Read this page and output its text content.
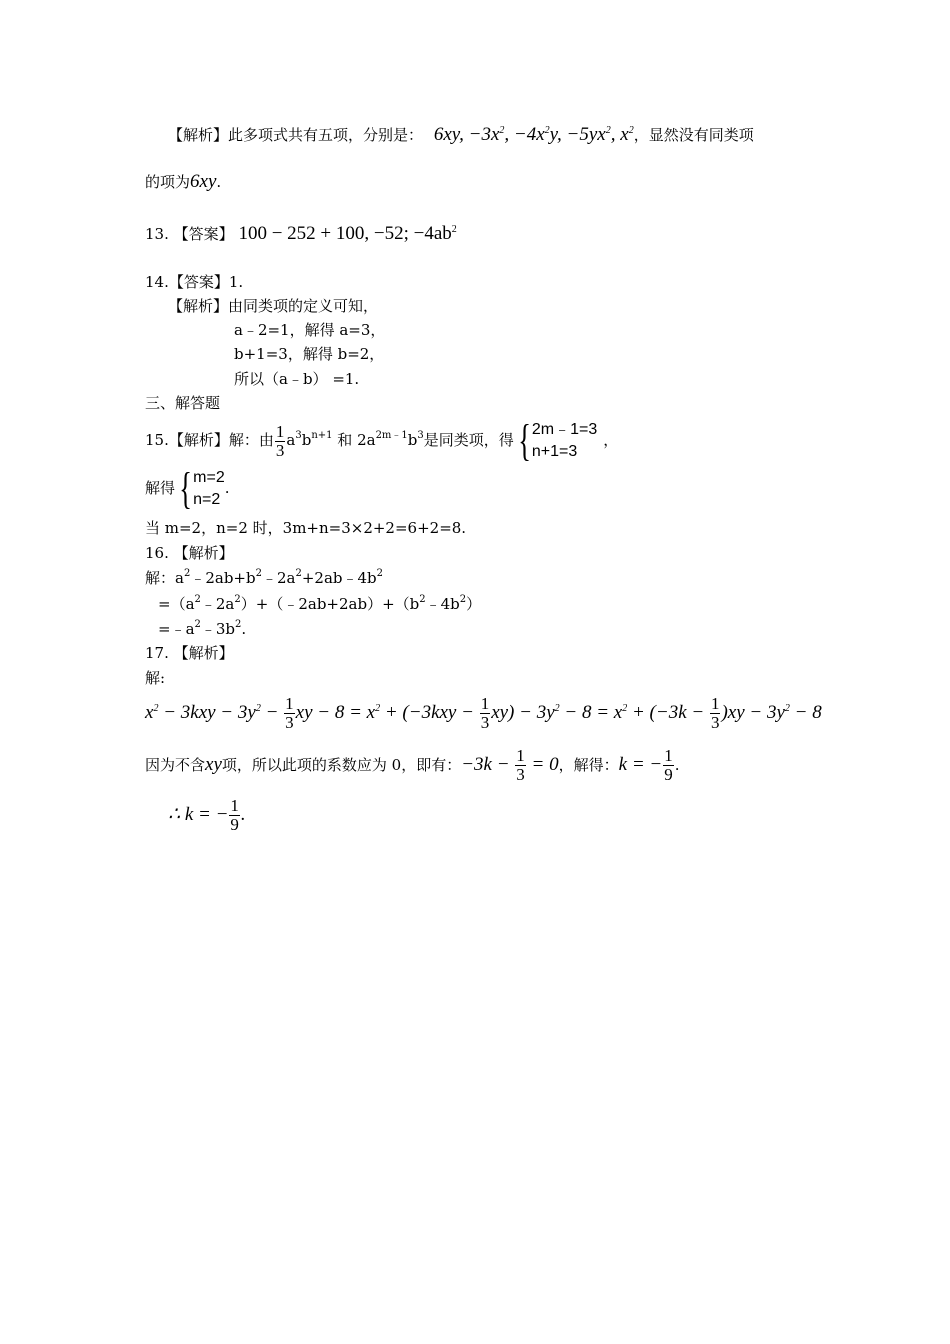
【解析】此多项式共有五项，分别是： 6xy, $-3x^2$, $-4x^2y$, $-5yx^2$, $x^2$，显然没有同类项
的项为6xy.
13. 【答案】 100 − 252 + 100, −52; $-4ab^2$
14.【答案】1.
【解析】由同类项的定义可知，
a﹣2=1，解得 a=3，
b+1=3，解得 b=2，
所以（a﹣b） =1.
三、解答题
15.【解析】解：由 $\frac{1}{3} a^3b^{n+1}$ 和 $2a^{2m﹣1}b^3$是同类项，得 { 2m﹣1=3
n+1=3
，
解得 { m=2
n=2
.
当 m=2，n=2 时，3m+n=3×2+2=6+2=8.
16. 【解析】
解：$a^2﹣2ab+b^2﹣2a^2+2ab﹣4b^2$
$=(a^2﹣2a^2)+(﹣2ab+2ab)+(b^2﹣4b^2)$
$=﹣a^2﹣3b^2$.
17. 【解析】
解:
$x^2 - 3kxy - 3y^2 - \frac{1}{3}$ xy − $8 = x^2 + (-3kxy - \frac{1}{3} xy) - 3y^2 - 8 = x^2 + (-3k - \frac{1}{3} )xy - 3y^2 - 8$
因为不含xy项，所以此项的系数应为 0，即有：$-3k - \frac{1}{3} = 0$，解得：k = − $\frac{1}{9}$ .
∴ k = − $\frac{1}{9}$ .
